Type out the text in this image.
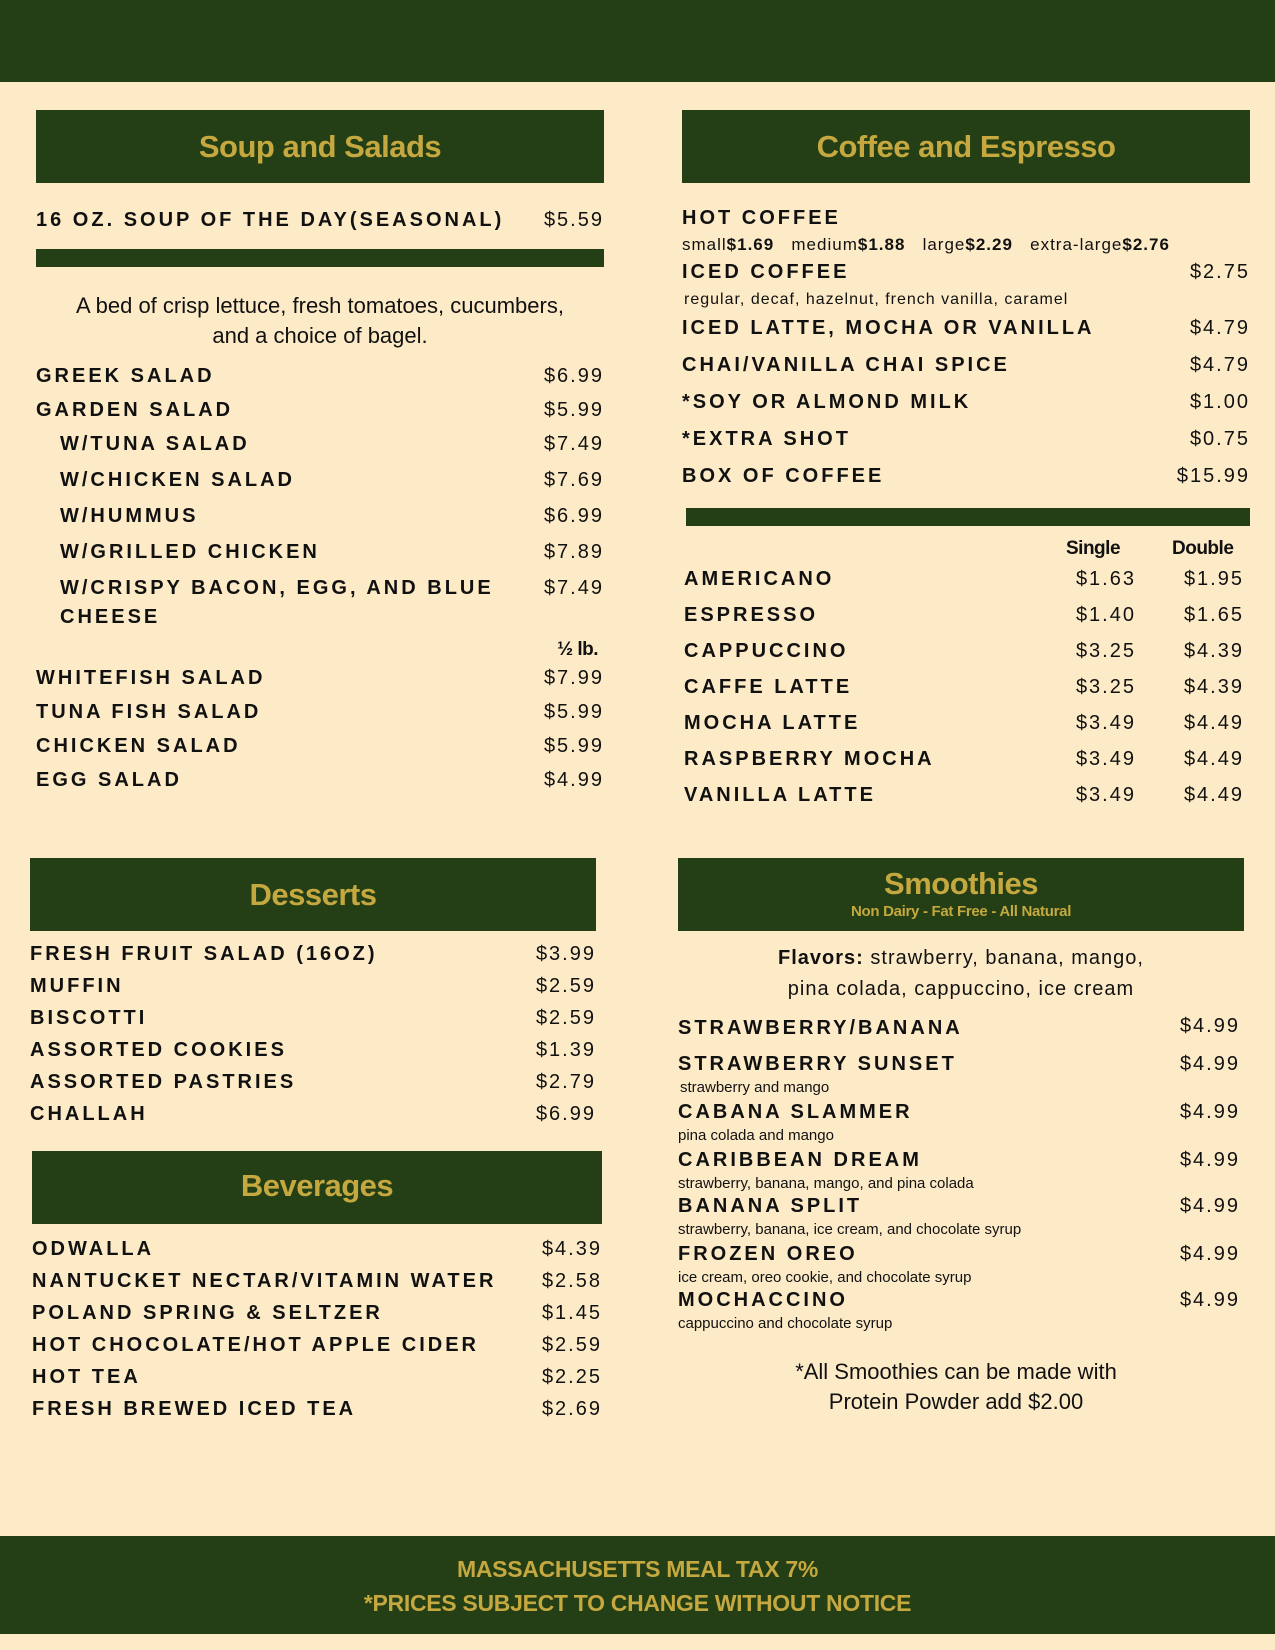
Soup and Salads
16 OZ. SOUP OF THE DAY(SEASONAL) $5.59
A bed of crisp lettuce, fresh tomatoes, cucumbers, and a choice of bagel.
GREEK SALAD	$6.99
GARDEN SALAD	$5.99
W/TUNA SALAD	$7.49
W/CHICKEN SALAD	$7.69
W/HUMMUS	$6.99
W/GRILLED CHICKEN	$7.89
W/CRISPY BACON, EGG, AND BLUE
CHEESE
$7.49
½ lb.
WHITEFISH SALAD	$7.99
TUNA FISH SALAD	$5.99
CHICKEN SALAD	$5.99
EGG SALAD	$4.99
Desserts
FRESH FRUIT SALAD (16OZ)	$3.99
MUFFIN	$2.59
BISCOTTI	$2.59
ASSORTED COOKIES	$1.39
ASSORTED PASTRIES	$2.79
CHALLAH	$6.99
Beverages
ODWALLA	$4.39
NANTUCKET NECTAR/VITAMIN WATER $2.58
POLAND SPRING & SELTZER	$1.45
HOT CHOCOLATE/HOT APPLE CIDER	$2.59
HOT TEA	$2.25
FRESH BREWED ICED TEA	$2.69
Coffee and Espresso
HOT COFFEE
small$1.69 medium$1.88 large$2.29 extra-large$2.76
ICED COFFEE	$2.75
regular, decaf, hazelnut, french vanilla, caramel
ICED LATTE, MOCHA OR VANILLA	$4.79
CHAI/VANILLA CHAI SPICE	$4.79
*SOY OR ALMOND MILK	$1.00
*EXTRA SHOT	$0.75
BOX OF COFFEE	$15.99
Single	Double
AMERICANO	$1.63 $1.95
ESPRESSO	$1.40 $1.65
CAPPUCCINO	$3.25 $4.39
CAFFE LATTE	$3.25 $4.39
MOCHA LATTE	$3.49 $4.49
RASPBERRY MOCHA	$3.49 $4.49
VANILLA LATTE	$3.49 $4.49
Smoothies
Non Dairy - Fat Free - All Natural
Flavors: strawberry, banana, mango,
pina colada, cappuccino, ice cream
STRAWBERRY/BANANA	$4.99
STRAWBERRY SUNSET	$4.99
strawberry and mango
CABANA SLAMMER	$4.99
pina colada and mango
CARIBBEAN DREAM	$4.99
strawberry, banana, mango, and pina colada
BANANA SPLIT	$4.99
strawberry, banana, ice cream, and chocolate syrup
FROZEN OREO	$4.99
ice cream, oreo cookie, and chocolate syrup
MOCHACCINO	$4.99
cappuccino and chocolate syrup
*All Smoothies can be made with
Protein Powder add $2.00
MASSACHUSETTS MEAL TAX 7%
*PRICES SUBJECT TO CHANGE WITHOUT NOTICE
